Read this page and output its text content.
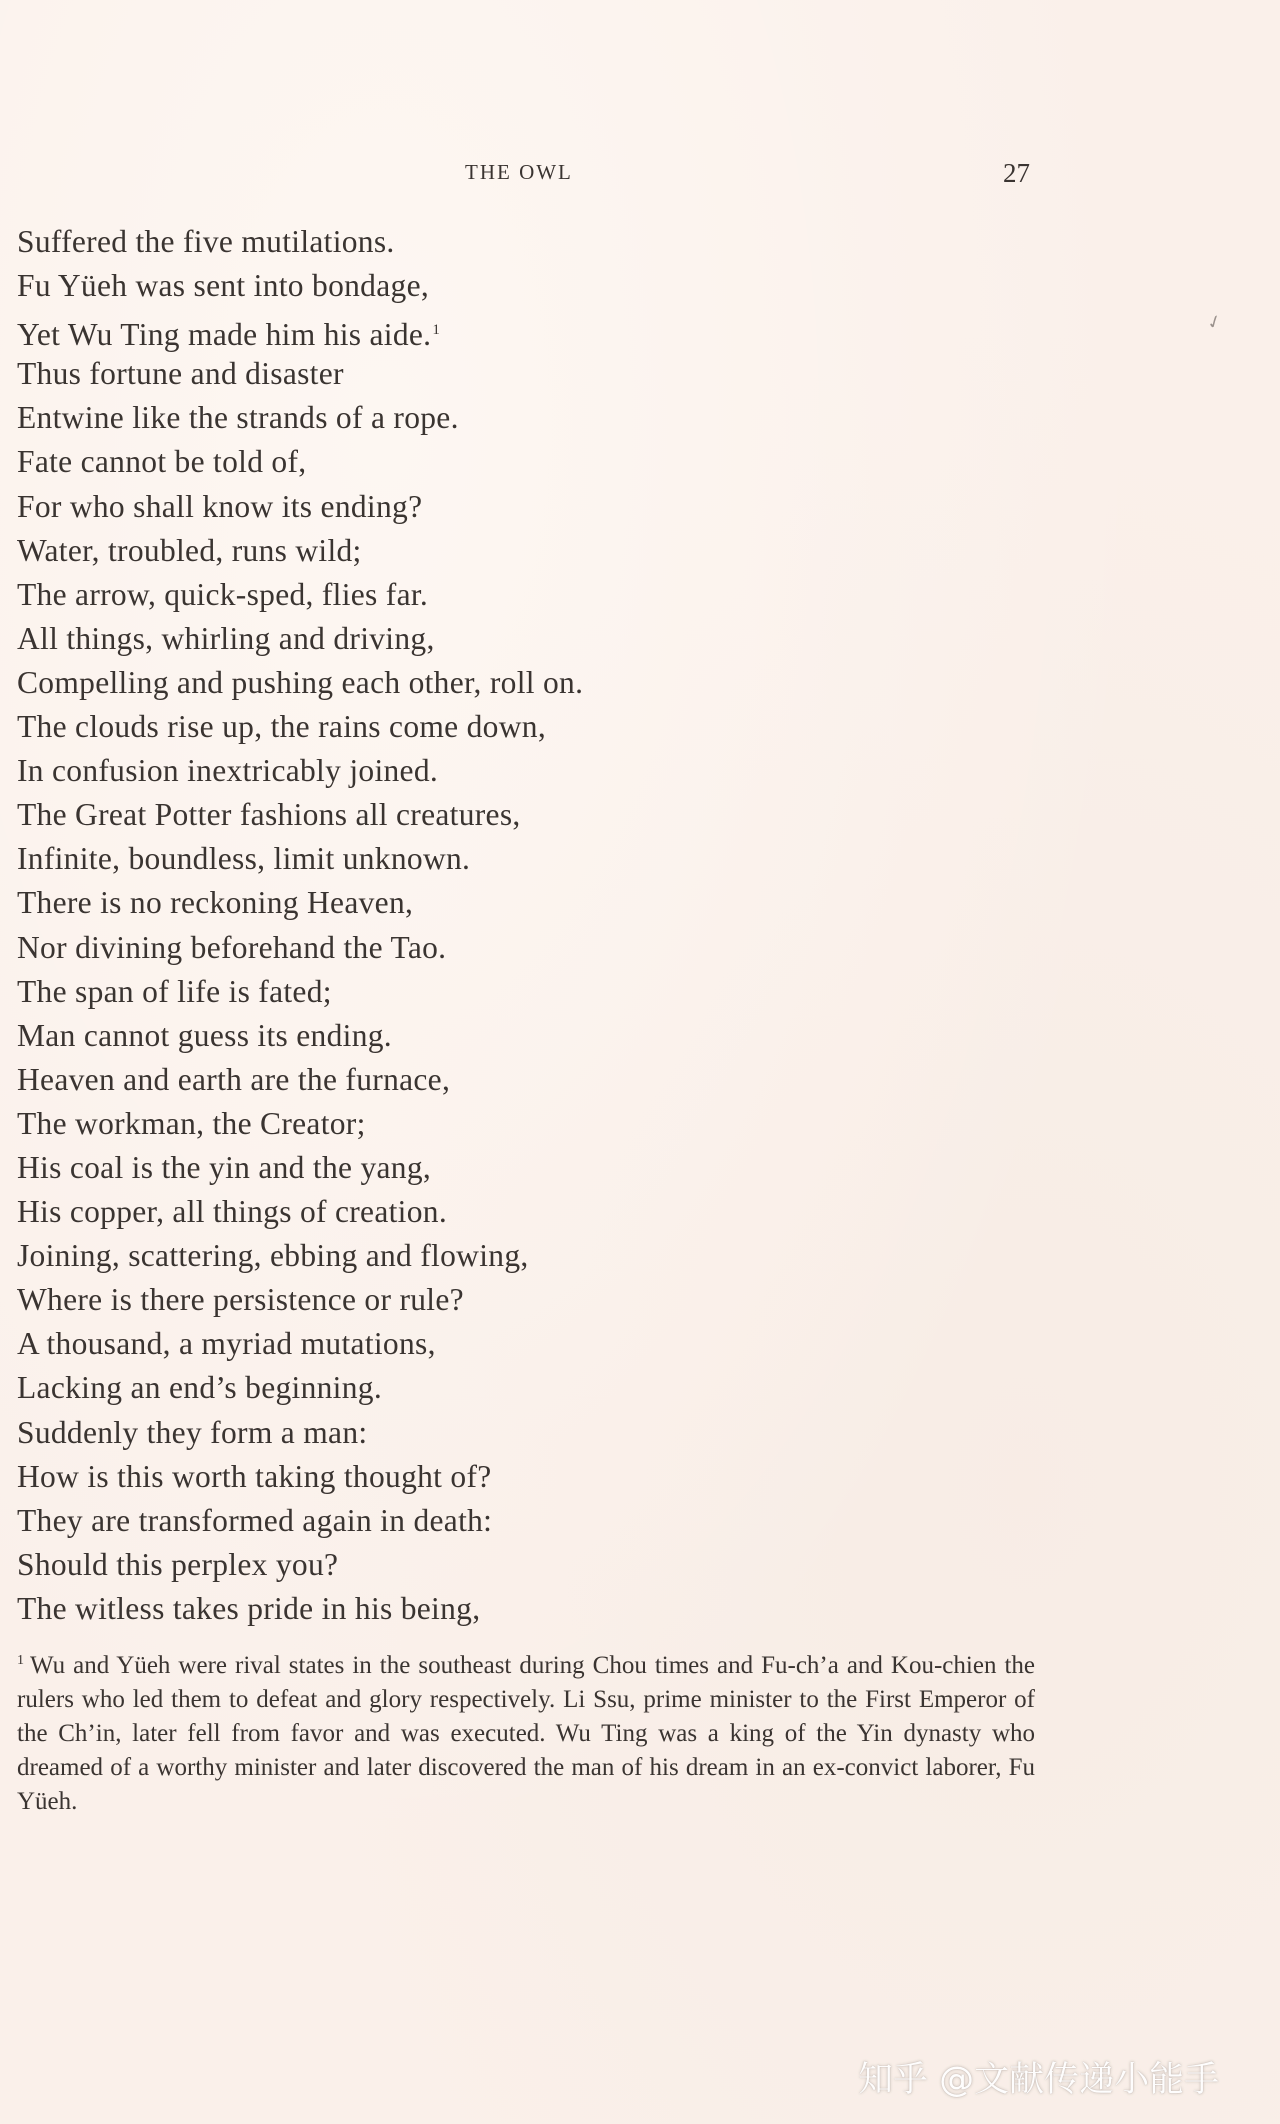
THE OWL	27
✓
Suffered the five mutilations.
Fu Yüeh was sent into bondage,
Yet Wu Ting made him his aide.$^1$
Thus fortune and disaster
Entwine like the strands of a rope.
Fate cannot be told of,
For who shall know its ending?
Water, troubled, runs wild;
The arrow, quick-sped, flies far.
All things, whirling and driving,
Compelling and pushing each other, roll on.
The clouds rise up, the rains come down,
In confusion inextricably joined.
The Great Potter fashions all creatures,
Infinite, boundless, limit unknown.
There is no reckoning Heaven,
Nor divining beforehand the Tao.
The span of life is fated;
Man cannot guess its ending.
Heaven and earth are the furnace,
The workman, the Creator;
His coal is the yin and the yang,
His copper, all things of creation.
Joining, scattering, ebbing and flowing,
Where is there persistence or rule?
A thousand, a myriad mutations,
Lacking an end’s beginning.
Suddenly they form a man:
How is this worth taking thought of?
They are transformed again in death:
Should this perplex you?
The witless takes pride in his being,

$^1$ Wu and Yüeh were rival states in the southeast during Chou times and Fu-ch’a and Kou-chien the rulers who led them to defeat and glory respectively. Li Ssu, prime minister to the First Emperor of the Ch’in, later fell from favor and was executed. Wu Ting was a king of the Yin dynasty who dreamed of a worthy minister and later discovered the man of his dream in an ex-convict laborer, Fu Yüeh.

知乎 @文献传递小能手
